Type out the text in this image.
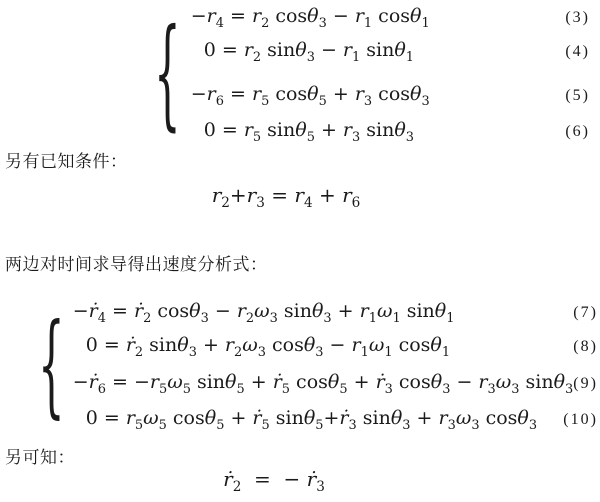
{ $-r_4 = r_2$ $\cos\theta_3 - r_1$ cosθ$_1$	(3)
$0 = r_2$ $\sin\theta_3 - r_1$ sinθ$_1$	(4)
$-r_6 = r_5$ $\cos\theta_5 + r_3$ cosθ$_3$	(5)
$0 = r_5$ $\sin\theta_5 + r_3$ sinθ$_3$	(6)
另有已知条件：
$r_2+r_3 = r_4 + r_6$
两边对时间求导得出速度分析式：
{ −ṙ$_4$ = ṙ$_2$ $\cos\theta_3 - r_2\omega_3$ $\sin\theta_3 + r_1\omega_1$ sinθ$_1$	(7)
0 = ṙ$_2$ $\sin\theta_3 + r_2\omega_3$ $\cos\theta_3 - r_1\omega_1$ cosθ$_1$	(8)
−ṙ$_6$ = $-r_5\omega_5$ sinθ$_5$ + ṙ$_5$ cosθ$_5$ + ṙ$_3$ $\cos\theta_3 - r_3\omega_3$ sinθ$_3$ (9)
$0 = r_5\omega_5$ cosθ$_5$ + ṙ$_5$ sinθ$_5$+ṙ$_3$ $\sin\theta_3 + r_3\omega_3$ cosθ$_3$ (10)
另可知：
ṙ$_2$  =  − ṙ$_3$
